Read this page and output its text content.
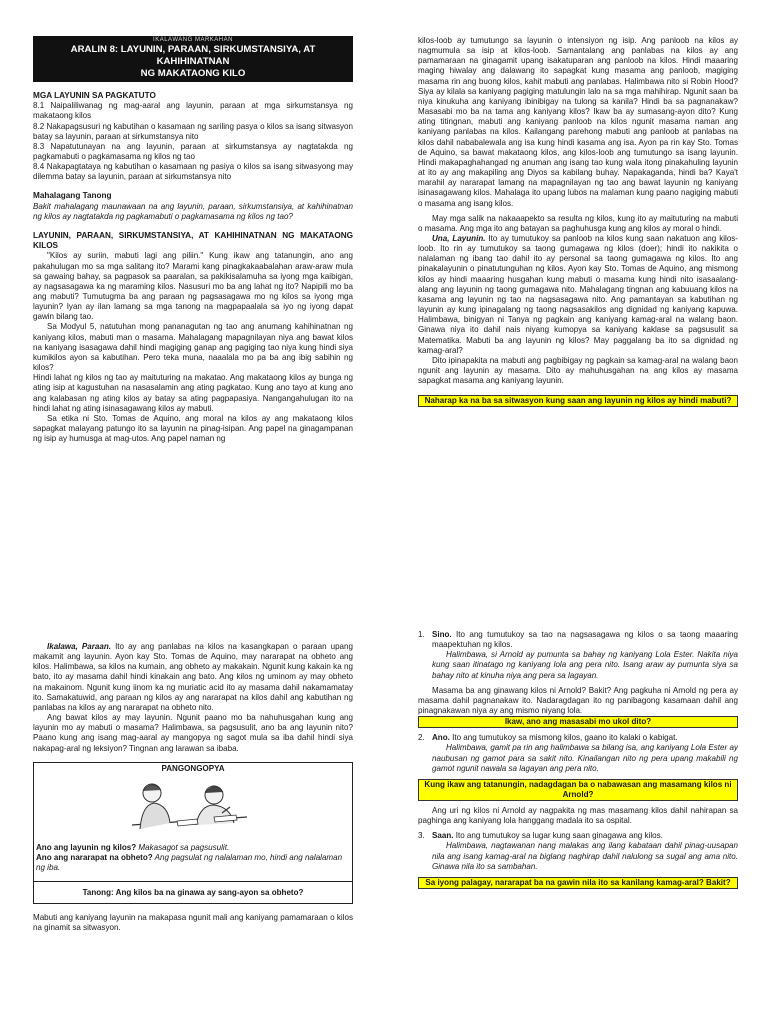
IKALAWANG MARKAHAN
ARALIN 8: LAYUNIN, PARAAN, SIRKUMSTANSIYA, AT KAHIHINATNAN
NG MAKATAONG KILO

MGA LAYUNIN SA PAGKATUTO

8.1 Naipaliliwanag ng mag-aaral ang layunin, paraan at mga sirkumstansya ng makataong kilos

8.2 Nakapagsusuri ng kabutihan o kasamaan ng sariling pasya o kilos sa isang sitwasyon batay sa layunin, paraan at sirkumstansya nito

8.3 Napatutunayan na ang layunin, paraan at sirkumstansya ay nagtatakda ng pagkamabuti o pagkamasama ng kilos ng tao

8.4 Nakapagtataya ng kabutihan o kasamaan ng pasiya o kilos sa isang sitwasyong may dilemma batay sa layunin, paraan at sirkumstansya nito

Mahalagang Tanong

Bakit mahalagang maunawaan na ang layunin, paraan, sirkumstansiya, at kahihinatnan ng kilos ay nagtatakda ng pagkamabuti o pagkamasama ng kilos ng tao?

LAYUNIN, PARAAN, SIRKUMSTANSIYA, AT KAHIHINATNAN NG MAKATAONG KILOS

"Kilos ay suriin, mabuti lagi ang piliin." Kung ikaw ang tatanungin, ano ang pakahulugan mo sa mga salitang ito? Marami kang pinagkakaabalahan araw-araw mula sa gawaing bahay, sa pagpasok sa paaralan, sa pakikisalamuha sa iyong mga kaibigan, ay nagsasagawa ka ng maraming kilos. Nasusuri mo ba ang lahat ng ito? Napipili mo ba ang mabuti? Tumutugma ba ang paraan ng pagsasagawa mo ng kilos sa iyong mga layunin? Iyan ay ilan lamang sa mga tanong na magpapaalala sa iyo ng iyong dapat gawin bilang tao.

Sa Modyul 5, natutuhan mong pananagutan ng tao ang anumang kahihinatnan ng kaniyang kilos, mabuti man o masama. Mahalagang mapagnilayan niya ang bawat kilos na kaniyang isasagawa dahil hindi magiging ganap ang pagiging tao niya kung hindi siya kumikilos ayon sa kabutihan. Pero teka muna, naaalala mo pa ba ang ibig sabihin ng kilos?

Hindi lahat ng kilos ng tao ay maituturing na makatao. Ang makataong kilos ay bunga ng ating isip at kagustuhan na nasasalamin ang ating pagkatao. Kung ano tayo at kung ano ang kalabasan ng ating kilos ay batay sa ating pagpapasiya. Nangangahulugan ito na hindi lahat ng ating isinasagawang kilos ay mabuti.

Sa etika ni Sto. Tomas de Aquino, ang moral na kilos ay ang makataong kilos sapagkat malayang patungo ito sa layunin na pinag-isipan. Ang papel na ginagampanan ng isip ay humusga at mag-utos. Ang papel naman ng

kilos-loob ay tumutungo sa layunin o intensiyon ng isip. Ang panloob na kilos ay nagmumula sa isip at kilos-loob. Samantalang ang panlabas na kilos ay ang pamamaraan na ginagamit upang isakatuparan ang panloob na kilos. Hindi maaaring maging hiwalay ang dalawang ito sapagkat kung masama ang panloob, magiging masama rin ang buong kilos, kahit mabuti ang panlabas. Halimbawa nito si Robin Hood? Siya ay kilala sa kaniyang pagiging matulungin lalo na sa mga mahihirap. Ngunit saan ba niya kinukuha ang kaniyang ibinibigay na tulong sa kanila? Hindi ba sa pagnanakaw? Masasabi mo ba na tama ang kaniyang kilos? Ikaw ba ay sumasang-ayon dito? Kung ating titingnan, mabuti ang kaniyang panloob na kilos ngunit masama naman ang kaniyang panlabas na kilos. Kailangang parehong mabuti ang panloob at panlabas na kilos dahil nababalewala ang isa kung hindi kasama ang isa. Ayon pa rin kay Sto. Tomas de Aquino, sa bawat makataong kilos, ang kilos-loob ang tumutungo sa isang layunin. Hindi makapaghahangad ng anuman ang isang tao kung wala itong pinakahuling layunin at ito ay ang makapiling ang Diyos sa kabilang buhay. Napakaganda, hindi ba? Kaya't marahil ay nararapat lamang na mapagnilayan ng tao ang bawat layunin ng kaniyang isinasagawang kilos. Mahalaga ito upang lubos na malaman kung paano nagiging mabuti o masama ang isang kilos.

May mga salik na nakaaapekto sa resulta ng kilos, kung ito ay maituturing na mabuti o masama. Ang mga ito ang batayan sa paghuhusga kung ang kilos ay moral o hindi.

Una, Layunin. Ito ay tumutukoy sa panloob na kilos kung saan nakatuon ang kilos-loob. Ito rin ay tumutukoy sa taong gumagawa ng kilos (doer); hindi ito nakikita o nalalaman ng ibang tao dahil ito ay personal sa taong gumagawa ng kilos. Ito ang pinakalayunin o pinatutunguhan ng kilos. Ayon kay Sto. Tomas de Aquino, ang mismong kilos ay hindi maaaring husgahan kung mabuti o masama kung hindi nito isasaalang-alang ang layunin ng taong gumagawa nito. Mahalagang tingnan ang kabuuang kilos na kasama ang layunin ng tao na nagsasagawa nito. Ang pamantayan sa kabutihan ng layunin ay kung ipinagalang ng taong nagsasakilos ang dignidad ng kaniyang kapuwa. Halimbawa, binigyan ni Tanya ng pagkain ang kaniyang kamag-aral na walang baon. Ginawa niya ito dahil nais niyang kumopya sa kaniyang kaklase sa pagsusulit sa Matematika. Mabuti ba ang layunin ng kilos? May paggalang ba ito sa dignidad ng kamag-aral?

Dito ipinapakita na mabuti ang pagbibigay ng pagkain sa kamag-aral na walang baon ngunit ang layunin ay masama. Dito ay mahuhusgahan na ang kilos ay masama sapagkat masama ang kaniyang layunin.

Naharap ka na ba sa sitwasyon kung saan ang layunin ng kilos ay hindi mabuti?

Ikalawa, Paraan. Ito ay ang panlabas na kilos na kasangkapan o paraan upang makamit ang layunin. Ayon kay Sto. Tomas de Aquino, may nararapat na obheto ang kilos. Halimbawa, sa kilos na kumain, ang obheto ay makakain. Ngunit kung kakain ka ng bato, ito ay masama dahil hindi kinakain ang bato. Ang kilos ng uminom ay may obheto na makainom. Ngunit kung iinom ka ng muriatic acid ito ay masama dahil nakamamatay ito. Samakatuwid, ang paraan ng kilos ay ang nararapat na kilos dahil ang kabutihan ng panlabas na kilos ay ang nararapat na obheto nito.

Ang bawat kilos ay may layunin. Ngunit paano mo ba nahuhusgahan kung ang layunin mo ay mabuti o masama? Halimbawa, sa pagsusulit, ano ba ang layunin nito? Paano kung ang isang mag-aaral ay mangopya ng sagot mula sa iba dahil hindi siya nakapag-aral ng leksiyon? Tingnan ang larawan sa ibaba.

PANGONGOPYA

Ano ang layunin ng kilos? Makasagot sa pagsusulit.

Ano ang nararapat na obheto? Ang pagsulat ng nalalaman mo, hindi ang nalalaman ng iba.

Tanong: Ang kilos ba na ginawa ay sang-ayon sa obheto?

Mabuti ang kaniyang layunin na makapasa ngunit mali ang kaniyang pamamaraan o kilos na ginamit sa sitwasyon.

1. Sino. Ito ang tumutukoy sa tao na nagsasagawa ng kilos o sa taong maaaring maapektuhan ng kilos.

Halimbawa, si Arnold ay pumunta sa bahay ng kaniyang Lola Ester. Nakita niya kung saan itinatago ng kaniyang lola ang pera nito. Isang araw ay pumunta siya sa bahay nito at kinuha niya ang pera sa lagayan.

Masama ba ang ginawang kilos ni Arnold? Bakit? Ang pagkuha ni Arnold ng pera ay masama dahil pagnanakaw ito. Nadaragdagan ito ng panibagong kasamaan dahil ang pinagnakawan niya ay ang mismo niyang lola.

Ikaw, ano ang masasabi mo ukol dito?

2. Ano. Ito ang tumutukoy sa mismong kilos, gaano ito kalaki o kabigat.

Halimbawa, gamit pa rin ang halimbawa sa bilang isa, ang kaniyang Lola Ester ay naubusan ng gamot para sa sakit nito. Kinailangan nito ng pera upang makabili ng gamot ngunit nawala sa lagayan ang pera nito.

Kung ikaw ang tatanungin, nadagdagan ba o nabawasan ang masamang kilos ni Arnold?

Ang uri ng kilos ni Arnold ay nagpakita ng mas masamang kilos dahil nahirapan sa paghinga ang kaniyang lola hanggang madala ito sa ospital.

3. Saan. Ito ang tumutukoy sa lugar kung saan ginagawa ang kilos.

Halimbawa, nagtawanan nang malakas ang ilang kabataan dahil pinag-uusapan nila ang isang kamag-aral na biglang naghirap dahil nalulong sa sugal ang ama nito. Ginawa nila ito sa sambahan.

Sa iyong palagay, nararapat ba na gawin nila ito sa kanilang kamag-aral? Bakit?
